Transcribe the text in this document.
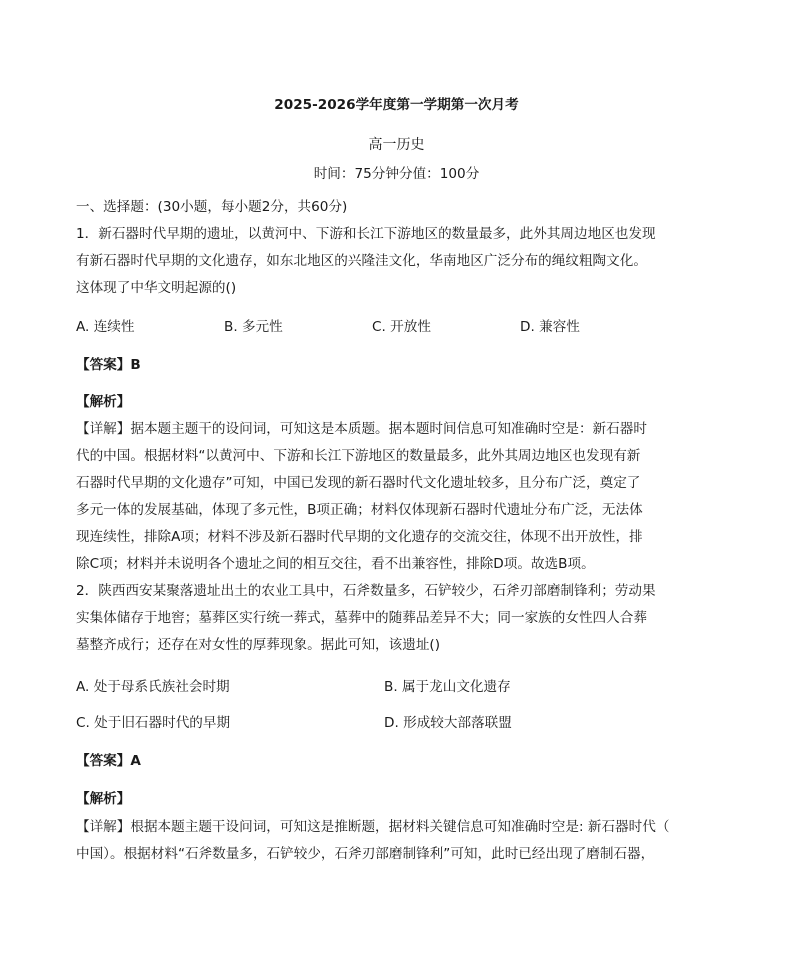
2025-2026学年度第一学期第一次月考
高一历史
时间：75分钟分值：100分
一、选择题：(30小题，每小题2分，共60分)
1．新石器时代早期的遗址，以黄河中、下游和长江下游地区的数量最多，此外其周边地区也发现
有新石器时代早期的文化遗存，如东北地区的兴隆洼文化，华南地区广泛分布的绳纹粗陶文化。
这体现了中华文明起源的()
A. 连续性	B. 多元性	C. 开放性	D. 兼容性
【答案】B
【解析】
【详解】据本题主题干的设问词，可知这是本质题。据本题时间信息可知准确时空是：新石器时
代的中国。根据材料“以黄河中、下游和长江下游地区的数量最多，此外其周边地区也发现有新
石器时代早期的文化遗存”可知，中国已发现的新石器时代文化遗址较多，且分布广泛，奠定了
多元一体的发展基础，体现了多元性，B项正确；材料仅体现新石器时代遗址分布广泛，无法体
现连续性，排除A项；材料不涉及新石器时代早期的文化遗存的交流交往，体现不出开放性，排
除C项；材料并未说明各个遗址之间的相互交往，看不出兼容性，排除D项。故选B项。
2．陕西西安某聚落遗址出土的农业工具中，石斧数量多，石铲较少，石斧刃部磨制锋利；劳动果
实集体储存于地窖；墓葬区实行统一葬式，墓葬中的随葬品差异不大；同一家族的女性四人合葬
墓整齐成行；还存在对女性的厚葬现象。据此可知，该遗址()
A. 处于母系氏族社会时期	B. 属于龙山文化遗存
C. 处于旧石器时代的早期	D. 形成较大部落联盟
【答案】A
【解析】
【详解】根据本题主题干设问词，可知这是推断题，据材料关键信息可知准确时空是: 新石器时代（
中国）。根据材料“石斧数量多，石铲较少，石斧刃部磨制锋利”可知，此时已经出现了磨制石器，
